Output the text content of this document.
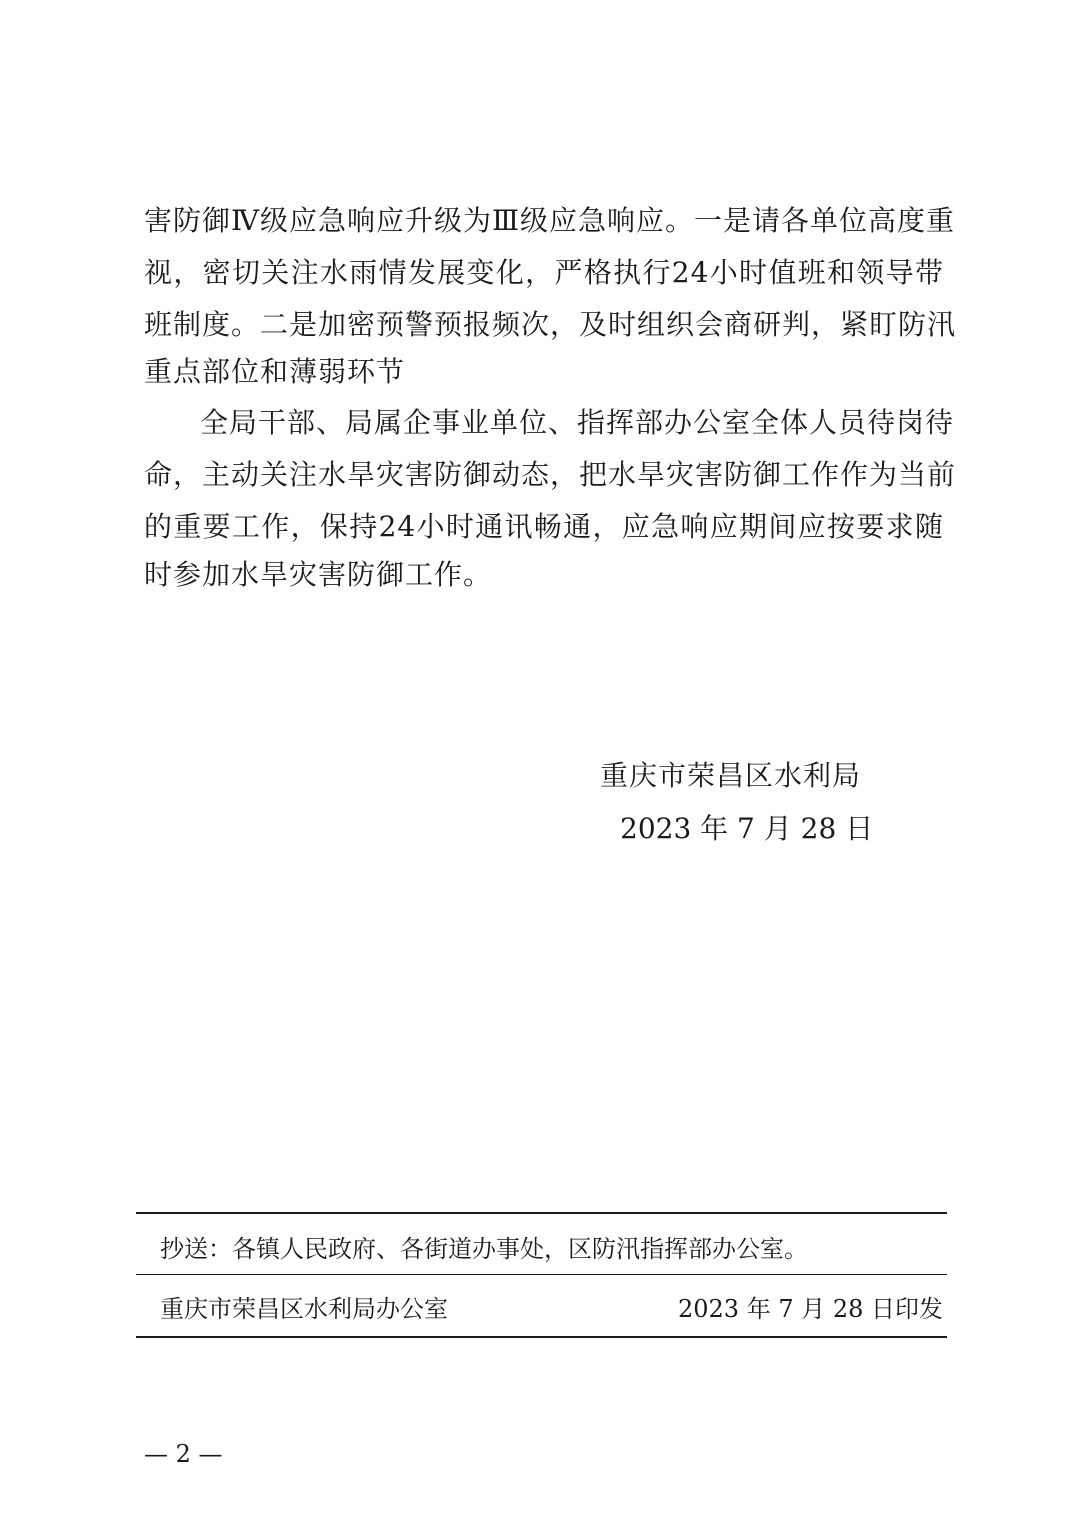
害防御Ⅳ级应急响应升级为Ⅲ级应急响应。一是请各单位高度重
视，密切关注水雨情发展变化，严格执行24小时值班和领导带
班制度。二是加密预警预报频次，及时组织会商研判，紧盯防汛
重点部位和薄弱环节
全局干部、局属企事业单位、指挥部办公室全体人员待岗待
命，主动关注水旱灾害防御动态，把水旱灾害防御工作作为当前
的重要工作，保持24小时通讯畅通，应急响应期间应按要求随
时参加水旱灾害防御工作。
重庆市荣昌区水利局
2023 年 7 月 28 日
抄送：各镇人民政府、各街道办事处，区防汛指挥部办公室。
重庆市荣昌区水利局办公室	2023 年 7 月 28 日印发
— 2 —
